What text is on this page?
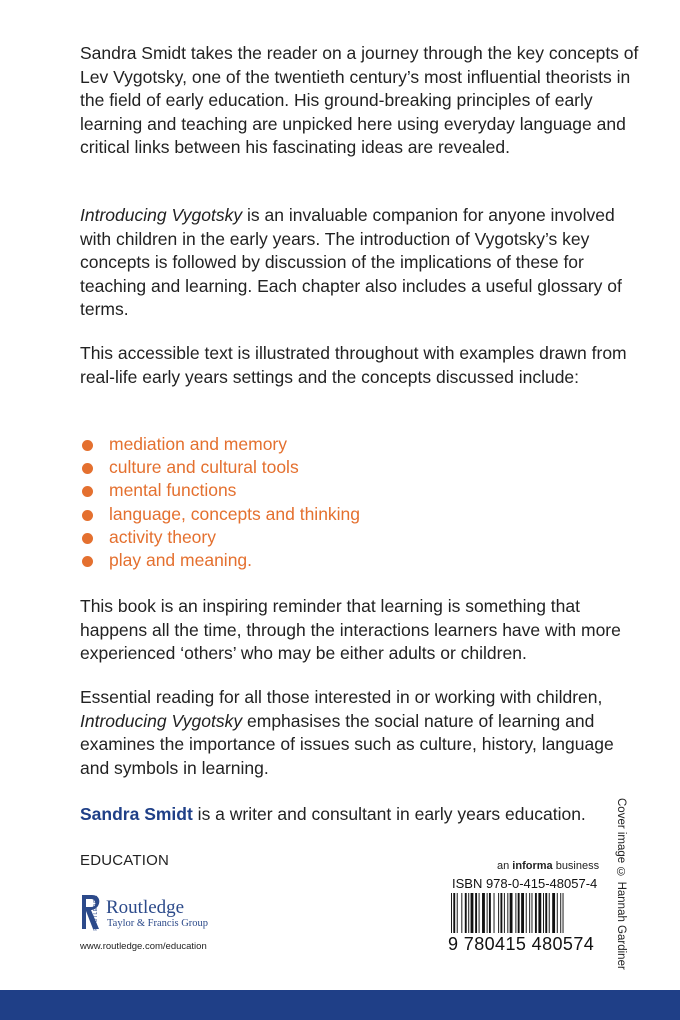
Sandra Smidt takes the reader on a journey through the key concepts of Lev Vygotsky, one of the twentieth century’s most influential theorists in the field of early education. His ground-breaking principles of early learning and teaching are unpicked here using everyday language and critical links between his fascinating ideas are revealed.

Introducing Vygotsky is an invaluable companion for anyone involved with children in the early years. The introduction of Vygotsky’s key concepts is followed by discussion of the implications of these for teaching and learning. Each chapter also includes a useful glossary of terms.

This accessible text is illustrated throughout with examples drawn from real-life early years settings and the concepts discussed include:

mediation and memory
culture and cultural tools
mental functions
language, concepts and thinking
activity theory
play and meaning.

This book is an inspiring reminder that learning is something that happens all the time, through the interactions learners have with more experienced ‘others’ who may be either adults or children.

Essential reading for all those interested in or working with children, Introducing Vygotsky emphasises the social nature of learning and examines the importance of issues such as culture, history, language and symbols in learning.

Sandra Smidt is a writer and consultant in early years education.

EDUCATION
ROUTLEDGE Routledge
Taylor & Francis Group
www.routledge.com/education
an informa business
ISBN 978-0-415-48057-4
9 780415 480574 Cover image © Hannah Gardiner
